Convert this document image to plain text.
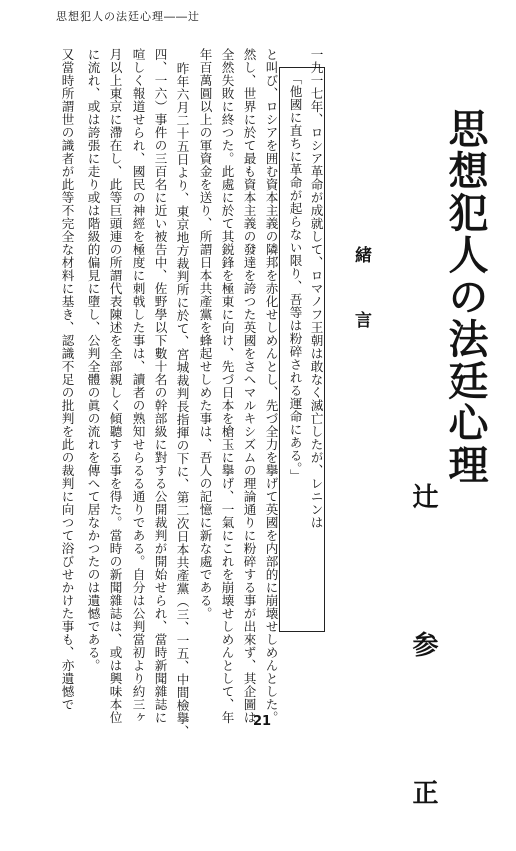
思想犯人の法廷心理――辻
思想犯人の法廷心理
辻 参 正
緒 言
一九一七年、ロシア革命が成就して、ロマノフ王朝は敢なく滅亡したが、レニンは
「他國に直ちに革命が起らない限り、吾等は粉碎される運命にある。」
と叫び、ロシアを囲む資本主義の隣邦を赤化せしめんとし、先づ全力を擧げて英國を内部的に崩壊せしめんとした。
然し、世界に於て最も資本主義の發達を誇つた英國をさへマルキシズムの理論通りに粉碎する事が出來ず、其企圖は
全然失敗に終つた。此處に於て其鋭鋒を極東に向け、先づ日本を槍玉に擧げ、一氣にこれを崩壊せしめんとして、年
年百萬圓以上の軍資金を送り、所謂日本共產黨を蜂起せしめた事は、吾人の記憶に新な處である。
昨年六月二十五日より、東京地方裁判所に於て、宮城裁判長指揮の下に、第二次日本共產黨（三、一五、中間檢擧、
四、一六）事件の三百名に近い被告中、佐野學以下數十名の幹部級に對する公開裁判が開始せられ、當時新聞雜誌に
喧しく報道せられ、國民の神經を極度に刺戟した事は、讀者の熟知せらるる通りである。自分は公判當初より約三ヶ
月以上東京に滯在し、此等巨頭連の所謂代表陳述を全部親しく傾聽する事を得た。當時の新聞雜誌は、或は興味本位
に流れ、或は誇張に走り或は階級的偏見に墮し、公判全體の眞の流れを傳へて居なかつたのは遺憾である。
又當時所謂世の識者が此等不完全な材料に基き、認識不足の批判を此の裁判に向つて浴びせかけた事も、亦遺憾で
21
